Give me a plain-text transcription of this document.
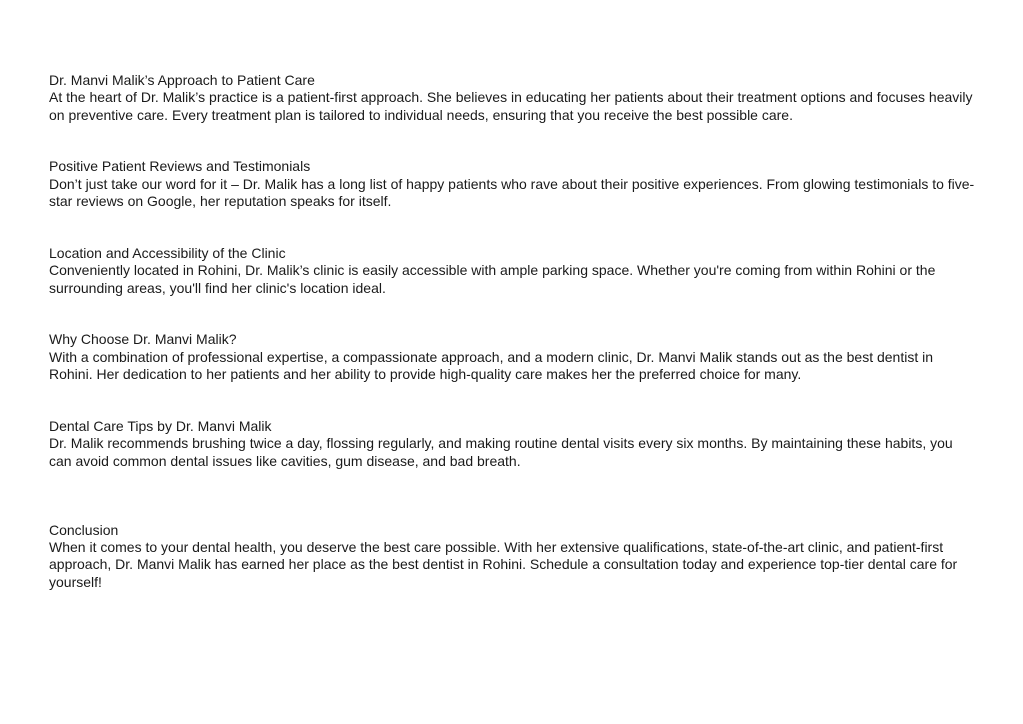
Dr. Manvi Malik’s Approach to Patient Care

At the heart of Dr. Malik’s practice is a patient-first approach. She believes in educating her patients about their treatment options and focuses heavily on preventive care. Every treatment plan is tailored to individual needs, ensuring that you receive the best possible care.

Positive Patient Reviews and Testimonials

Don’t just take our word for it – Dr. Malik has a long list of happy patients who rave about their positive experiences. From glowing testimonials to five-star reviews on Google, her reputation speaks for itself.

Location and Accessibility of the Clinic

Conveniently located in Rohini, Dr. Malik’s clinic is easily accessible with ample parking space. Whether you're coming from within Rohini or the surrounding areas, you'll find her clinic's location ideal.

Why Choose Dr. Manvi Malik?

With a combination of professional expertise, a compassionate approach, and a modern clinic, Dr. Manvi Malik stands out as the best dentist in Rohini. Her dedication to her patients and her ability to provide high-quality care makes her the preferred choice for many.

Dental Care Tips by Dr. Manvi Malik

Dr. Malik recommends brushing twice a day, flossing regularly, and making routine dental visits every six months. By maintaining these habits, you can avoid common dental issues like cavities, gum disease, and bad breath.

Conclusion

When it comes to your dental health, you deserve the best care possible. With her extensive qualifications, state-of-the-art clinic, and patient-first approach, Dr. Manvi Malik has earned her place as the best dentist in Rohini. Schedule a consultation today and experience top-tier dental care for yourself!
